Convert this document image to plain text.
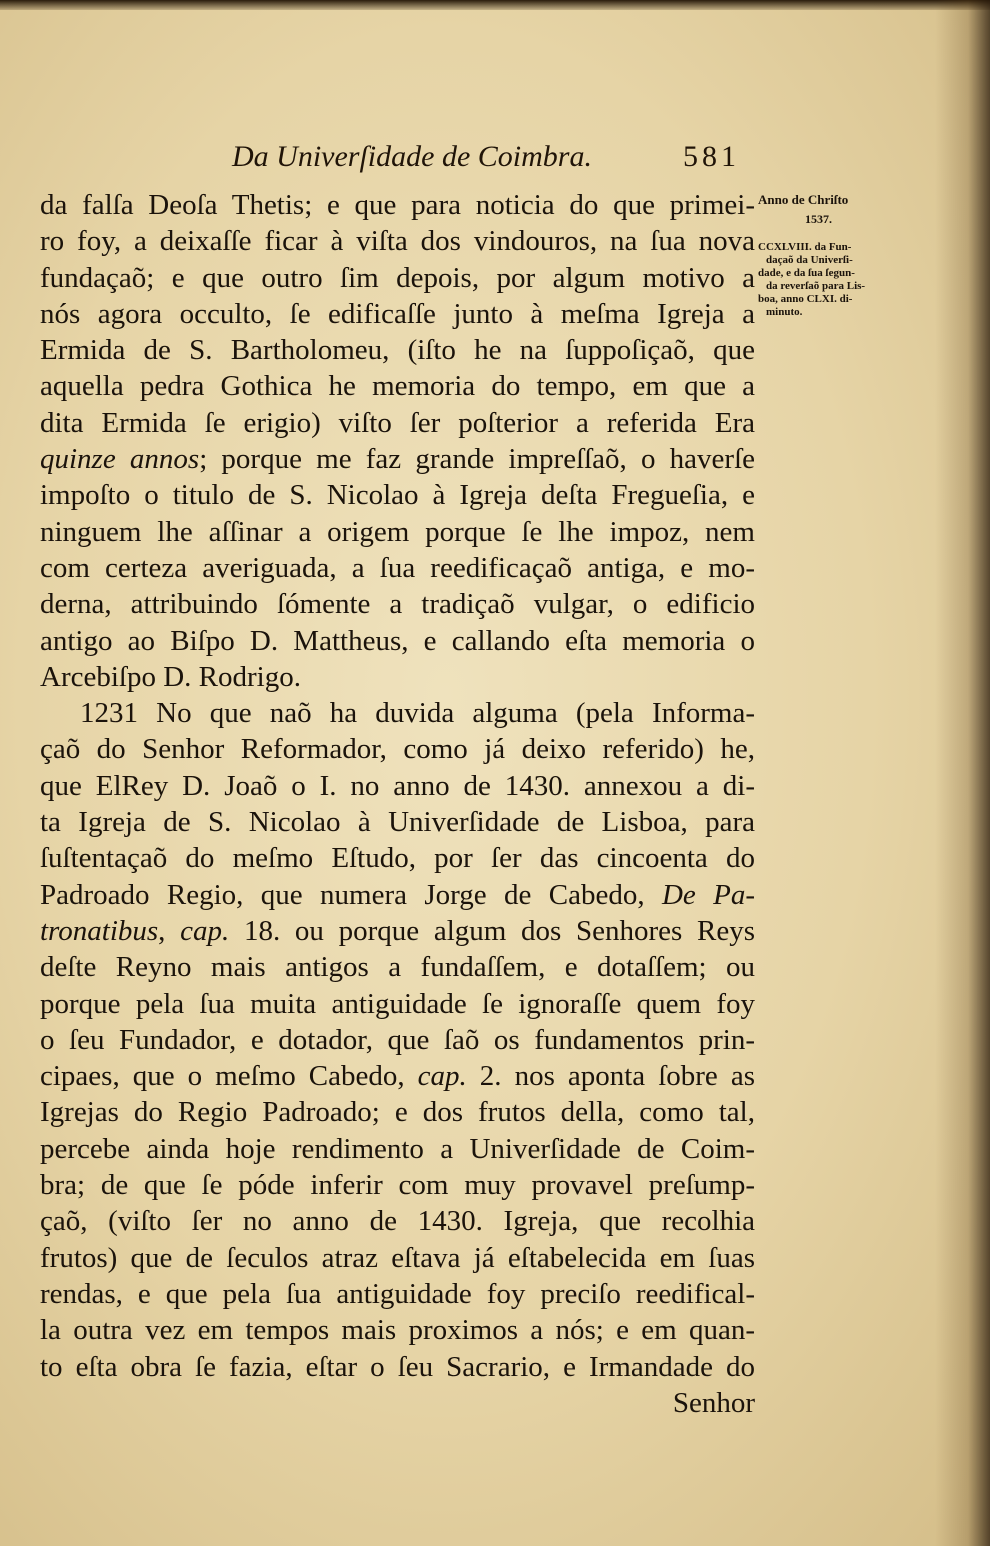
Da Univerſidade de Coimbra.	581
da falſa Deoſa Thetis; e que para noticia do que primei-
ro foy, a deixaſſe ficar à viſta dos vindouros, na ſua nova
fundaçaõ; e que outro ſim depois, por algum motivo a
nós agora occulto, ſe edificaſſe junto à meſma Igreja a
Ermida de S. Bartholomeu, (iſto he na ſuppoſiçaõ, que
aquella pedra Gothica he memoria do tempo, em que a
dita Ermida ſe erigio) viſto ſer poſterior a referida Era
quinze annos; porque me faz grande impreſſaõ, o haverſe
impoſto o titulo de S. Nicolao à Igreja deſta Fregueſia, e
ninguem lhe aſſinar a origem porque ſe lhe impoz, nem
com certeza averiguada, a ſua reedificaçaõ antiga, e mo-
derna, attribuindo ſómente a tradiçaõ vulgar, o edificio
antigo ao Biſpo D. Mattheus, e callando eſta memoria o
Arcebiſpo D. Rodrigo.
1231 No que naõ ha duvida alguma (pela Informa-
çaõ do Senhor Reformador, como já deixo referido) he,
que ElRey D. Joaõ o I. no anno de 1430. annexou a di-
ta Igreja de S. Nicolao à Univerſidade de Lisboa, para
ſuſtentaçaõ do meſmo Eſtudo, por ſer das cincoenta do
Padroado Regio, que numera Jorge de Cabedo, De Pa-
tronatibus, cap. 18. ou porque algum dos Senhores Reys
deſte Reyno mais antigos a fundaſſem, e dotaſſem; ou
porque pela ſua muita antiguidade ſe ignoraſſe quem foy
o ſeu Fundador, e dotador, que ſaõ os fundamentos prin-
cipaes, que o meſmo Cabedo, cap. 2. nos aponta ſobre as
Igrejas do Regio Padroado; e dos frutos della, como tal,
percebe ainda hoje rendimento a Univerſidade de Coim-
bra; de que ſe póde inferir com muy provavel preſump-
çaõ, (viſto ſer no anno de 1430. Igreja, que recolhia
frutos) que de ſeculos atraz eſtava já eſtabelecida em ſuas
rendas, e que pela ſua antiguidade foy preciſo reedifical-
la outra vez em tempos mais proximos a nós; e em quan-
to eſta obra ſe fazia, eſtar o ſeu Sacrario, e Irmandade do
Senhor
Anno de Chriſto
1537.
CCXLVIII. da Fun-
daçaõ da Univerſi-
dade, e da ſua ſegun-
da reverſaõ para Lis-
boa, anno CLXI. di-
minuto.
